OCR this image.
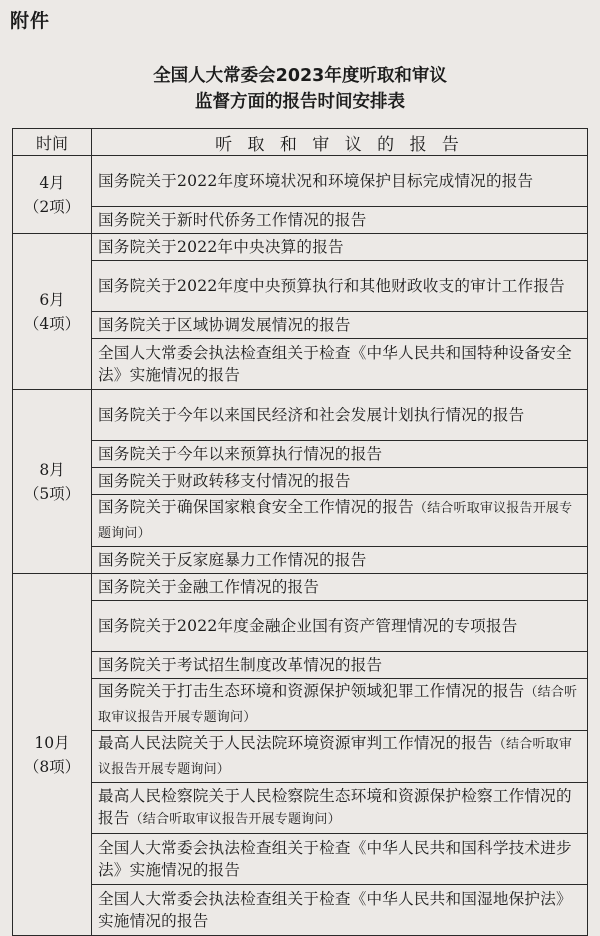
附件
全国人大常委会2023年度听取和审议
监督方面的报告时间安排表
时间	听 取 和 审 议 的 报 告

4月
（2项）	国务院关于2022年度环境状况和环境保护目标完成情况的报告
	国务院关于新时代侨务工作情况的报告

6月
（4项）	国务院关于2022年中央决算的报告
	国务院关于2022年度中央预算执行和其他财政收支的审计工作报告
	国务院关于区域协调发展情况的报告
	全国人大常委会执法检查组关于检查《中华人民共和国特种设备安全法》实施情况的报告

8月
（5项）	国务院关于今年以来国民经济和社会发展计划执行情况的报告
	国务院关于今年以来预算执行情况的报告
	国务院关于财政转移支付情况的报告
	国务院关于确保国家粮食安全工作情况的报告（结合听取审议报告开展专题询问）
	国务院关于反家庭暴力工作情况的报告

10月
（8项）	国务院关于金融工作情况的报告
	国务院关于2022年度金融企业国有资产管理情况的专项报告
	国务院关于考试招生制度改革情况的报告
	国务院关于打击生态环境和资源保护领域犯罪工作情况的报告（结合听取审议报告开展专题询问）
	最高人民法院关于人民法院环境资源审判工作情况的报告（结合听取审议报告开展专题询问）
	最高人民检察院关于人民检察院生态环境和资源保护检察工作情况的报告（结合听取审议报告开展专题询问）
	全国人大常委会执法检查组关于检查《中华人民共和国科学技术进步法》实施情况的报告
	全国人大常委会执法检查组关于检查《中华人民共和国湿地保护法》实施情况的报告
